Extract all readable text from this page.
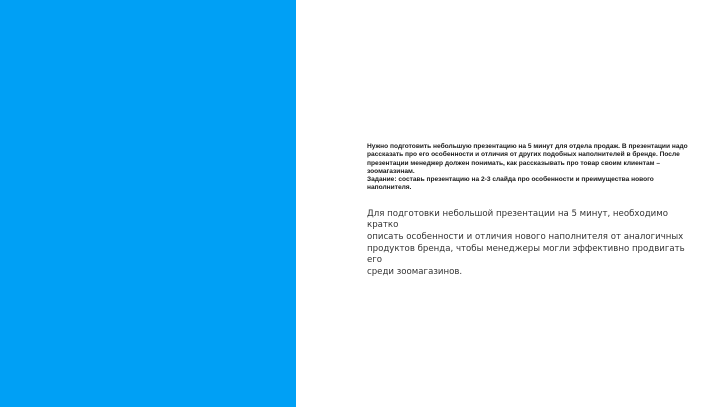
Нужно подготовить небольшую презентацию на 5 минут для отдела продаж. В презентации надо
рассказать про его особенности и отличия от других подобных наполнителей в бренде. После
презентации менеджер должен понимать, как рассказывать про товар своим клиентам –
зоомагазинам.
Задание: составь презентацию на 2-3 слайда про особенности и преимущества нового
наполнителя.

Для подготовки небольшой презентации на 5 минут, необходимо кратко
описать особенности и отличия нового наполнителя от аналогичных
продуктов бренда, чтобы менеджеры могли эффективно продвигать его
среди зоомагазинов.
